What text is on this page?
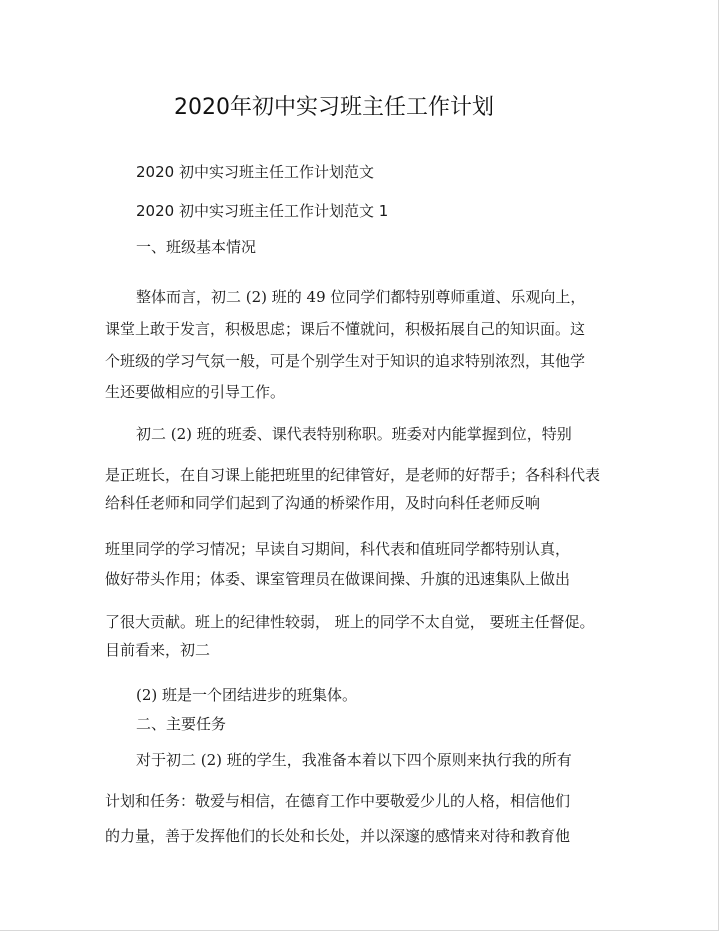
2020年初中实习班主任工作计划
2020 初中实习班主任工作计划范文
2020 初中实习班主任工作计划范文 1
一、班级基本情况
整体而言，初二 (2) 班的 49 位同学们都特别尊师重道、乐观向上，
课堂上敢于发言，积极思虑；课后不懂就问，积极拓展自己的知识面。这
个班级的学习气氛一般，可是个别学生对于知识的追求特别浓烈，其他学
生还要做相应的引导工作。
初二 (2) 班的班委、课代表特别称职。班委对内能掌握到位，特别
是正班长，在自习课上能把班里的纪律管好，是老师的好帮手；各科科代表
给科任老师和同学们起到了沟通的桥梁作用，及时向科任老师反响
班里同学的学习情况；早读自习期间，科代表和值班同学都特别认真，
做好带头作用；体委、课室管理员在做课间操、升旗的迅速集队上做出
了很大贡献。班上的纪律性较弱， 班上的同学不太自觉， 要班主任督促。
目前看来，初二
(2) 班是一个团结进步的班集体。
二、主要任务
对于初二 (2) 班的学生，我准备本着以下四个原则来执行我的所有
计划和任务：敬爱与相信，在德育工作中要敬爱少儿的人格，相信他们
的力量，善于发挥他们的长处和长处，并以深邃的感情来对待和教育他
